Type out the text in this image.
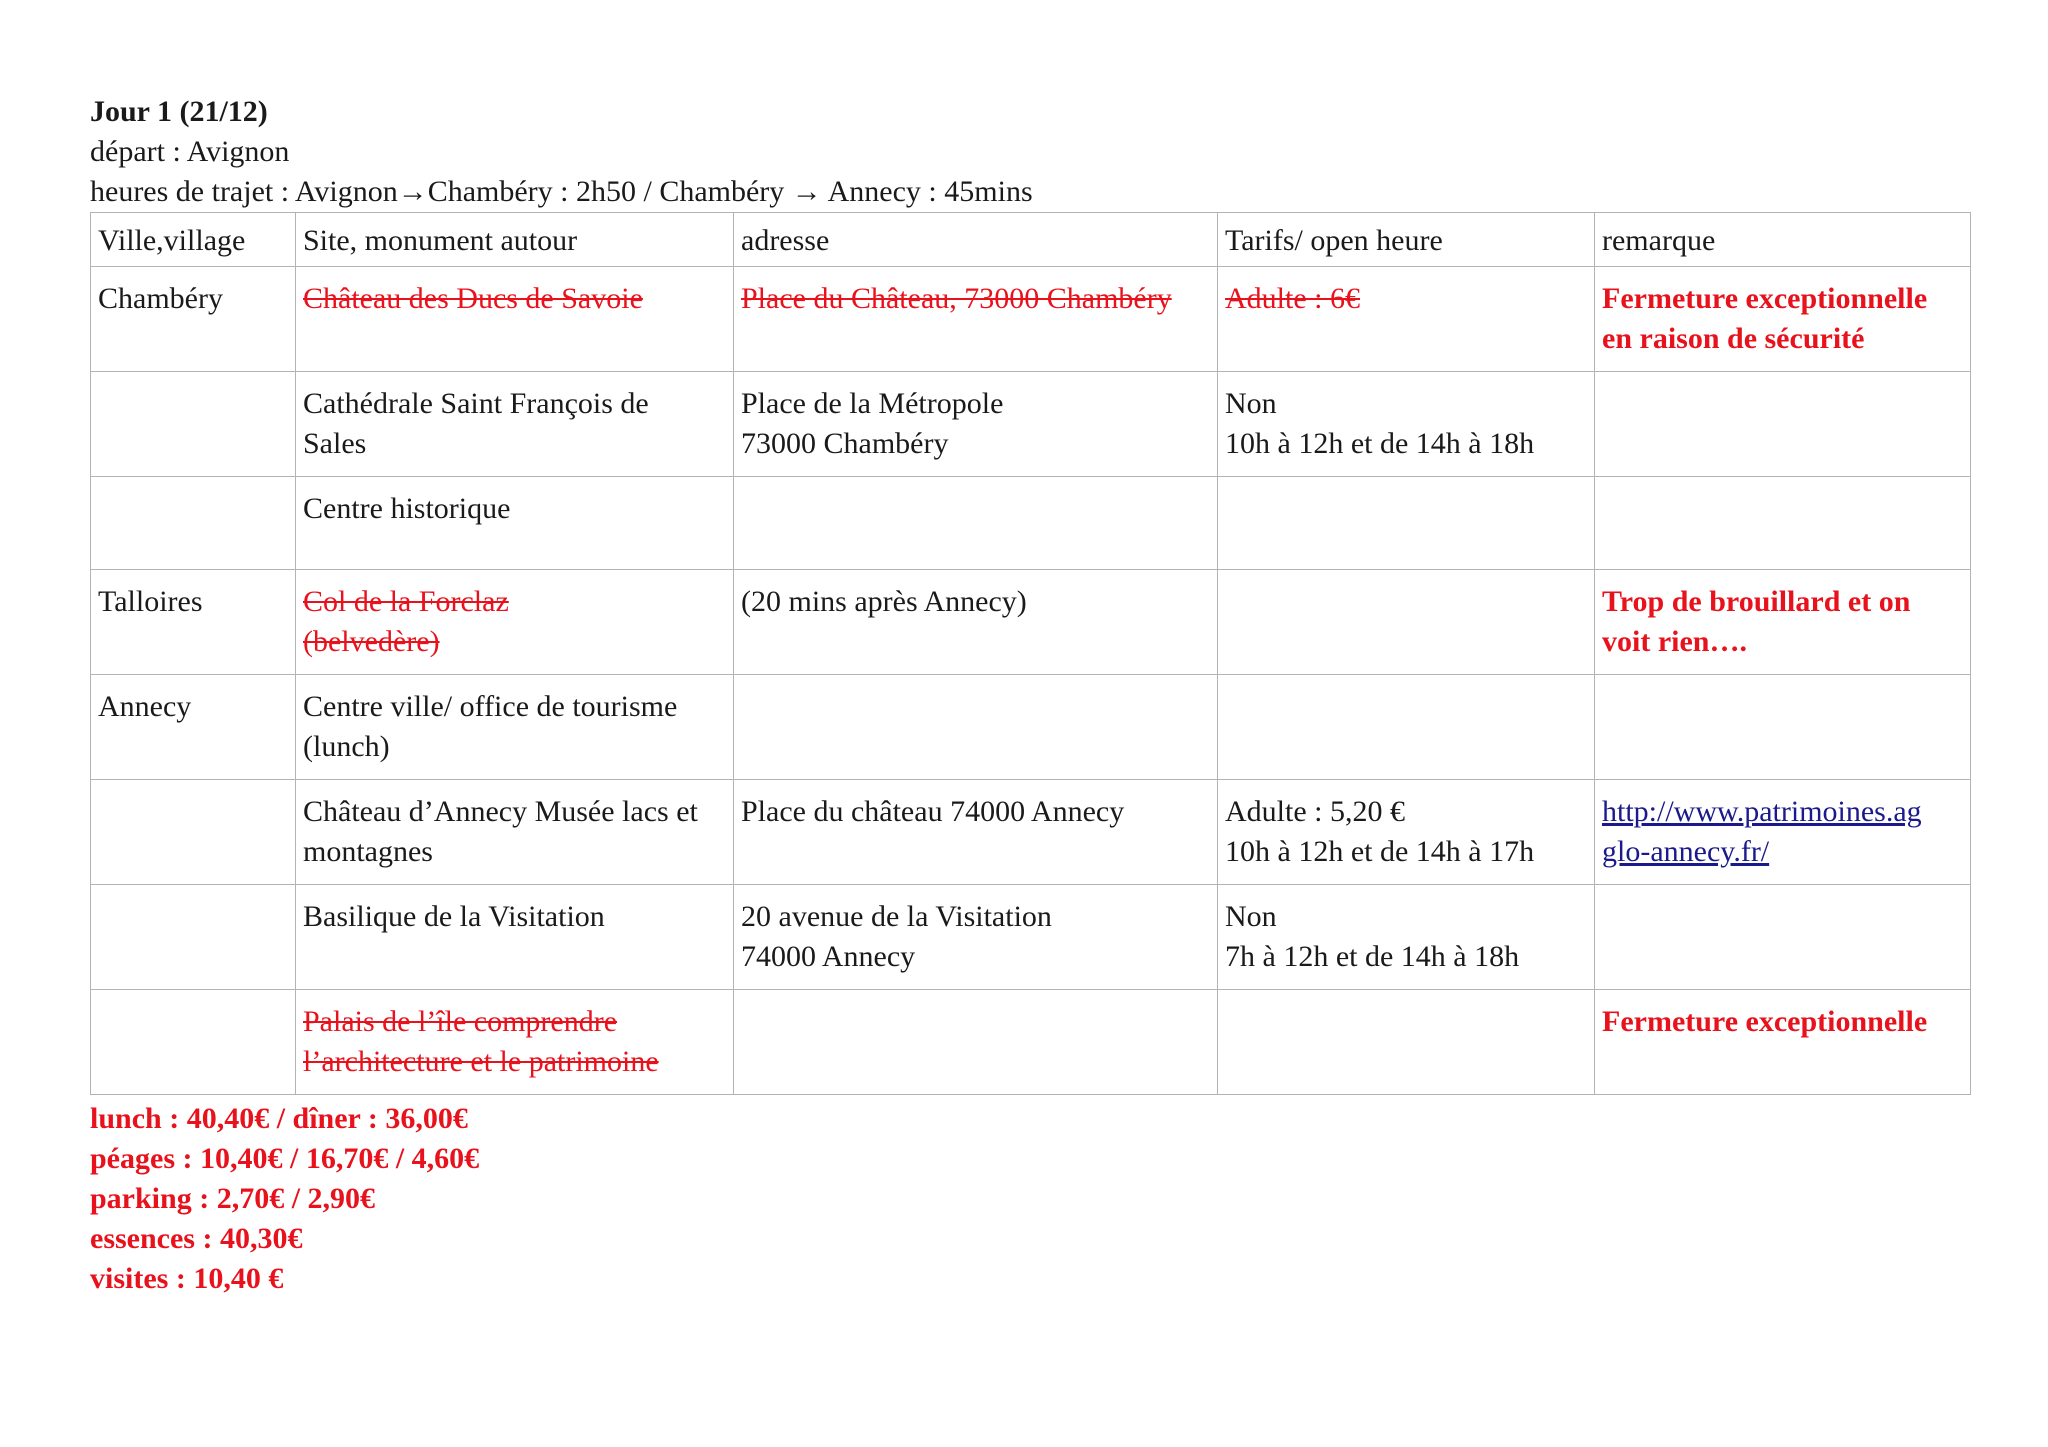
Jour 1 (21/12)
départ : Avignon
heures de trajet : Avignon→Chambéry : 2h50 / Chambéry → Annecy : 45mins
Ville,village	Site, monument autour	adresse	Tarifs/ open heure	remarque

Chambéry	Château des Ducs de Savoie	Place du Château, 73000 Chambéry	Adulte : 6€	Fermeture exceptionnelle
en raison de sécurité

	Cathédrale Saint François de
Sales	Place de la Métropole
73000 Chambéry	Non
10h à 12h et de 14h à 18h	

	Centre historique			

Talloires	Col de la Forclaz
(belvedère)	(20 mins après Annecy)		Trop de brouillard et on
voit rien….

Annecy	Centre ville/ office de tourisme
(lunch)			

	Château d’Annecy Musée lacs et
montagnes	Place du château 74000 Annecy	Adulte : 5,20 €
10h à 12h et de 14h à 17h	http://www.patrimoines.ag
glo-annecy.fr/

	Basilique de la Visitation	20 avenue de la Visitation
74000 Annecy	Non
7h à 12h et de 14h à 18h	

	Palais de l’île comprendre
l’architecture et le patrimoine			Fermeture exceptionnelle
lunch : 40,40€ / dîner : 36,00€
péages : 10,40€ / 16,70€ / 4,60€
parking : 2,70€ / 2,90€
essences : 40,30€
visites : 10,40 €
